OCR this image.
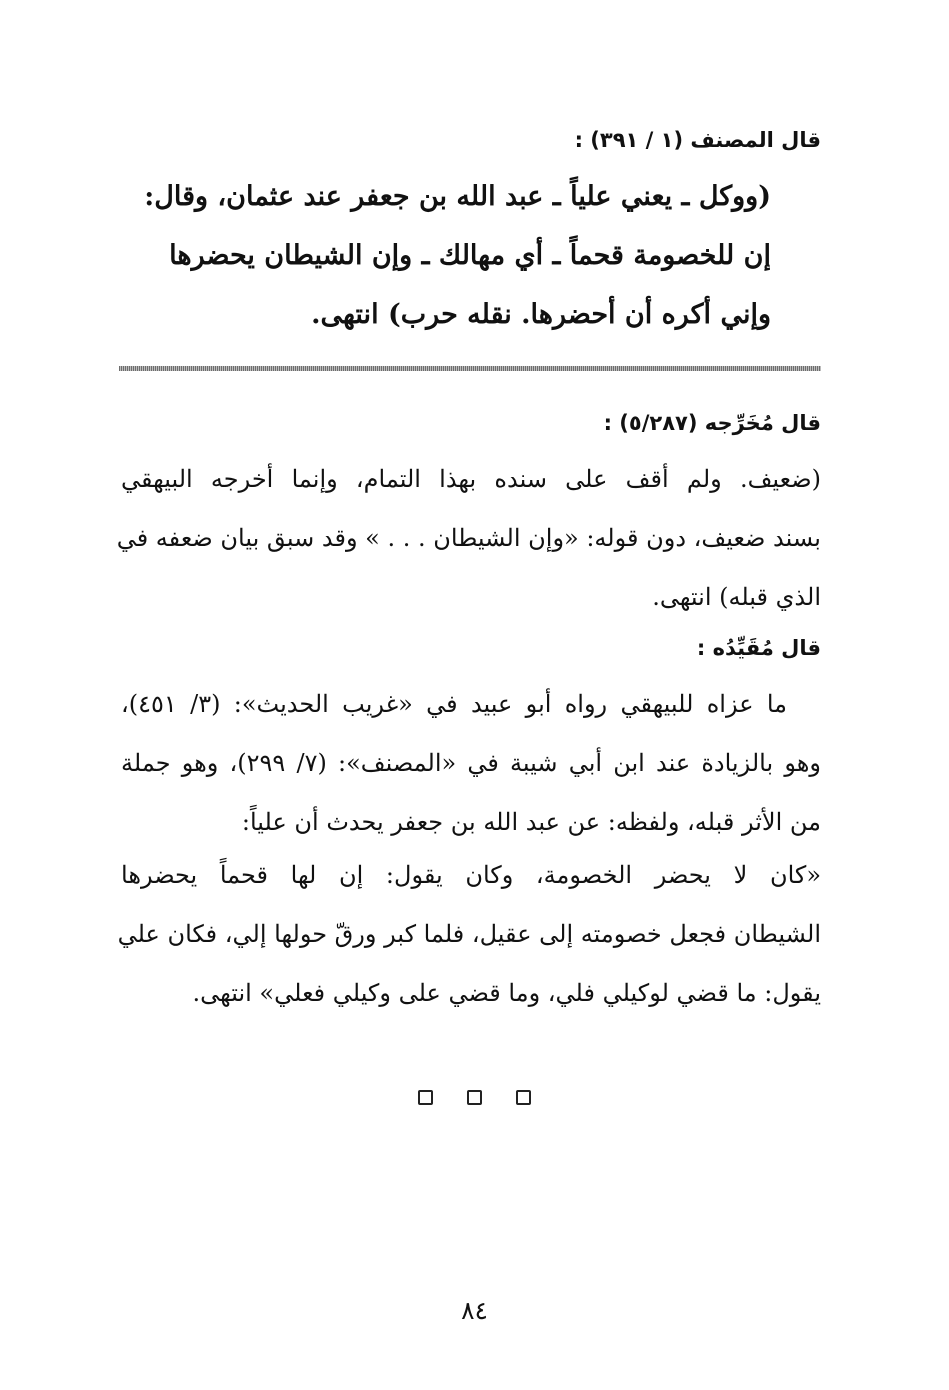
قال المصنف (١ / ٣٩١) :
(ووكل ـ يعني علياً ـ عبد الله بن جعفر عند عثمان، وقال:
إن للخصومة قحماً ـ أي مهالك ـ وإن الشيطان يحضرها
وإني أكره أن أحضرها. نقله حرب) انتهى.
قال مُخَرِّجه (٥/٢٨٧) :
(ضعيف. ولم أقف على سنده بهذا التمام، وإنما أخرجه البيهقي
بسند ضعيف، دون قوله: «وإن الشيطان . . . » وقد سبق بيان ضعفه في
الذي قبله) انتهى.
قال مُقَيِّدُه :
ما عزاه للبيهقي رواه أبو عبيد في «غريب الحديث»: (٣/ ٤٥١)،
وهو بالزيادة عند ابن أبي شيبة في «المصنف»: (٧/ ٢٩٩)، وهو جملة
من الأثر قبله، ولفظه: عن عبد الله بن جعفر يحدث أن علياً:
«كان لا يحضر الخصومة، وكان يقول: إن لها قحماً يحضرها
الشيطان فجعل خصومته إلى عقيل، فلما كبر ورقّ حولها إلي، فكان علي
يقول: ما قضي لوكيلي فلي، وما قضي على وكيلي فعلي» انتهى.

٨٤
